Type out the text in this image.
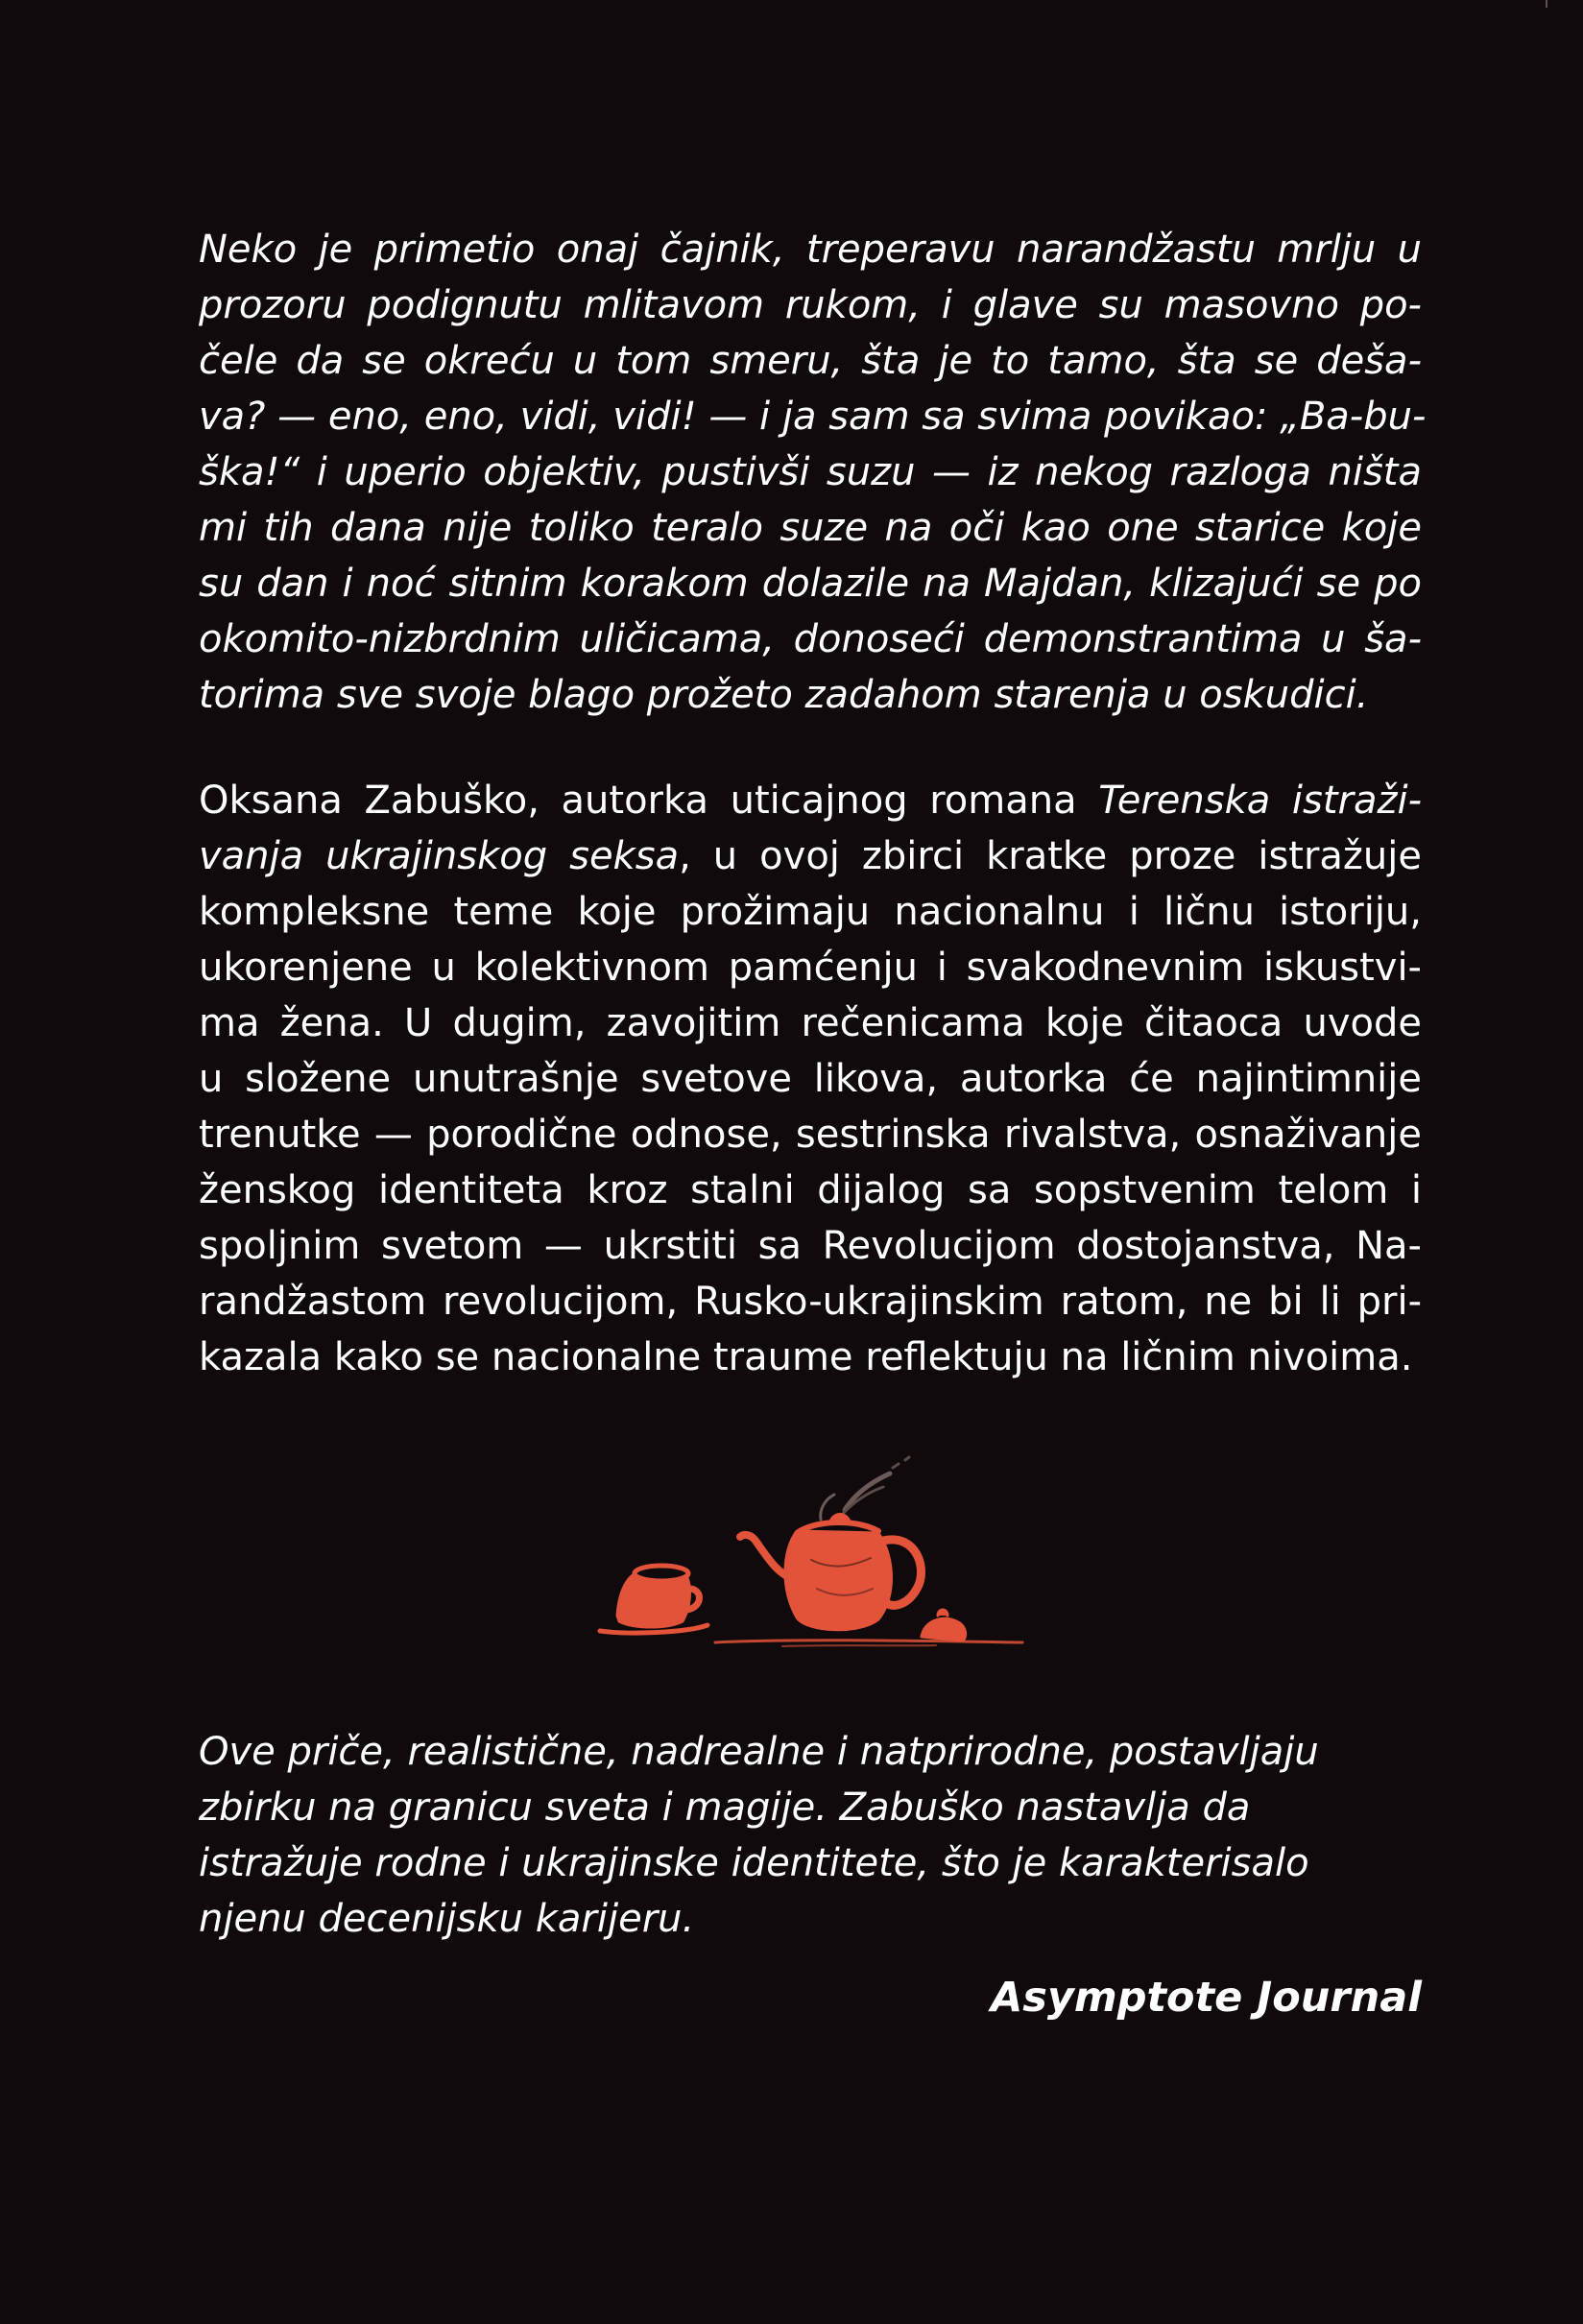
Neko je primetio onaj čajnik, treperavu narandžastu mrlju u
prozoru podignutu mlitavom rukom, i glave su masovno po-
čele da se okreću u tom smeru, šta je to tamo, šta se deša-
va? — eno, eno, vidi, vidi! — i ja sam sa svima povikao: „Ba-bu-
ška!“ i uperio objektiv, pustivši suzu — iz nekog razloga ništa
mi tih dana nije toliko teralo suze na oči kao one starice koje
su dan i noć sitnim korakom dolazile na Majdan, klizajući se po
okomito-nizbrdnim uličicama, donoseći demonstrantima u ša-
torima sve svoje blago prožeto zadahom starenja u oskudici.
Oksana Zabuško, autorka uticajnog romana Terenska istraži-
vanja ukrajinskog seksa, u ovoj zbirci kratke proze istražuje
kompleksne teme koje prožimaju nacionalnu i ličnu istoriju,
ukorenjene u kolektivnom pamćenju i svakodnevnim iskustvi-
ma žena. U dugim, zavojitim rečenicama koje čitaoca uvode
u složene unutrašnje svetove likova, autorka će najintimnije
trenutke — porodične odnose, sestrinska rivalstva, osnaživanje
ženskog identiteta kroz stalni dijalog sa sopstvenim telom i
spoljnim svetom — ukrstiti sa Revolucijom dostojanstva, Na-
randžastom revolucijom, Rusko-ukrajinskim ratom, ne bi li pri-
kazala kako se nacionalne traume reflektuju na ličnim nivoima.
Ove priče, realistične, nadrealne i natprirodne, postavljaju
zbirku na granicu sveta i magije. Zabuško nastavlja da
istražuje rodne i ukrajinske identitete, što je karakterisalo
njenu decenijsku karijeru.

Asymptote Journal
